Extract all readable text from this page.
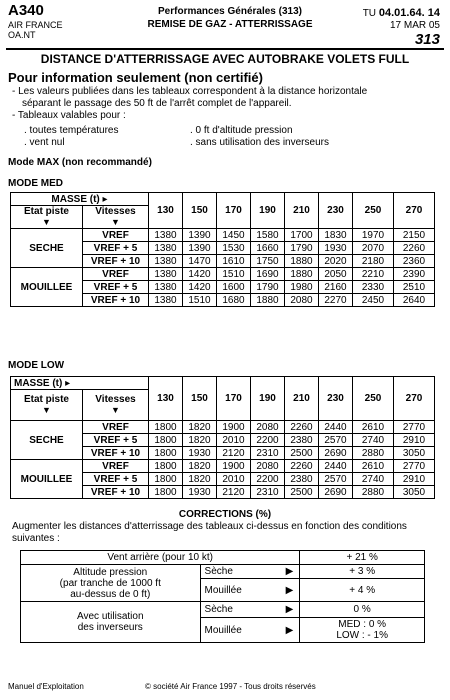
A340
AIR FRANCE
OA.NT
Performances Générales (313)
REMISE DE GAZ - ATTERRISSAGE
TU 04.01.64. 14
17 MAR 05
313
DISTANCE D'ATTERRISSAGE AVEC AUTOBRAKE VOLETS FULL
Pour information seulement (non certifié)
- Les valeurs publiées dans les tableaux correspondent à la distance horizontale
séparant le passage des 50 ft de l'arrêt complet de l'appareil.
- Tableaux valables pour :
. toutes températures	. 0 ft d'altitude pression
. vent nul	. sans utilisation des inverseurs
Mode MAX (non recommandé)
MODE MED
MASSE (t) ▸		130	150	170	190	210	230	250	270
Etat piste
▼	Vitesses
▼								
SECHE	VREF	1380	1390	1450	1580	1700	1830	1970	2150
	VREF + 5	1380	1390	1530	1660	1790	1930	2070	2260
	VREF + 10	1380	1470	1610	1750	1880	2020	2180	2360
MOUILLEE	VREF	1380	1420	1510	1690	1880	2050	2210	2390
	VREF + 5	1380	1420	1600	1790	1980	2160	2330	2510
	VREF + 10	1380	1510	1680	1880	2080	2270	2450	2640
MODE LOW
MASSE (t) ▸		130	150	170	190	210	230	250	270
Etat piste
▼	Vitesses
▼								
SECHE	VREF	1800	1820	1900	2080	2260	2440	2610	2770
	VREF + 5	1800	1820	2010	2200	2380	2570	2740	2910
	VREF + 10	1800	1930	2120	2310	2500	2690	2880	3050
MOUILLEE	VREF	1800	1820	1900	2080	2260	2440	2610	2770
	VREF + 5	1800	1820	2010	2200	2380	2570	2740	2910
	VREF + 10	1800	1930	2120	2310	2500	2690	2880	3050
CORRECTIONS (%)
Augmenter les distances d'atterrissage des tableaux ci-dessus en fonction des conditions suivantes :
Vent arrière (pour 10 kt)		+ 21 %
Altitude pression
(par tranche de 1000 ft
au-dessus de 0 ft)	Sèche ▶	+ 3 %
	Mouillée ▶	+ 4 %
Avec utilisation
des inverseurs	Sèche ▶	0 %
	Mouillée ▶	MED : 0 %
LOW : - 1%
Manuel d'Exploitation	© société Air France 1997 - Tous droits réservés
